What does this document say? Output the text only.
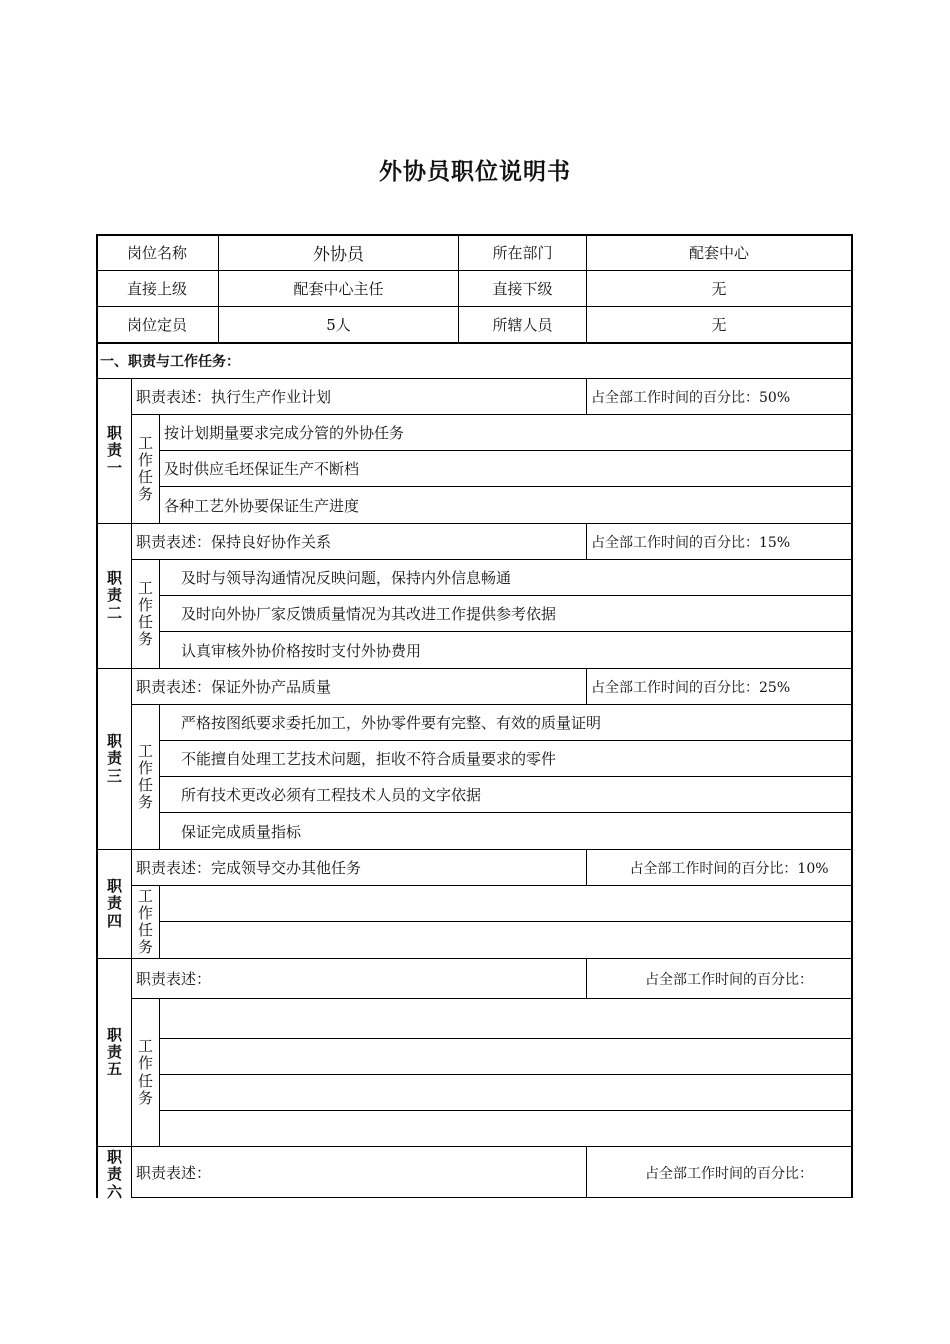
外协员职位说明书
岗位名称	外协员	所在部门	配套中心
直接上级	配套中心主任	直接下级	无
岗位定员	5人	所辖人员	无
一、职责与工作任务：
职
责
一
职责表述：执行生产作业计划	占全部工作时间的百分比：50%
工
作
任
务
按计划期量要求完成分管的外协任务
及时供应毛坯保证生产不断档
各种工艺外协要保证生产进度
职
责
二
职责表述：保持良好协作关系	占全部工作时间的百分比：15%
工
作
任
务
及时与领导沟通情况反映问题，保持内外信息畅通
及时向外协厂家反馈质量情况为其改进工作提供参考依据
认真审核外协价格按时支付外协费用
职
责
三
职责表述：保证外协产品质量	占全部工作时间的百分比：25%
工
作
任
务
严格按图纸要求委托加工，外协零件要有完整、有效的质量证明
不能擅自处理工艺技术问题，拒收不符合质量要求的零件
所有技术更改必须有工程技术人员的文字依据
保证完成质量指标
职
责
四
职责表述：完成领导交办其他任务	占全部工作时间的百分比：10%
工
作
任
务
职
责
五
职责表述：	占全部工作时间的百分比：
工
作
任
务
职
责
六
职责表述：	占全部工作时间的百分比：
